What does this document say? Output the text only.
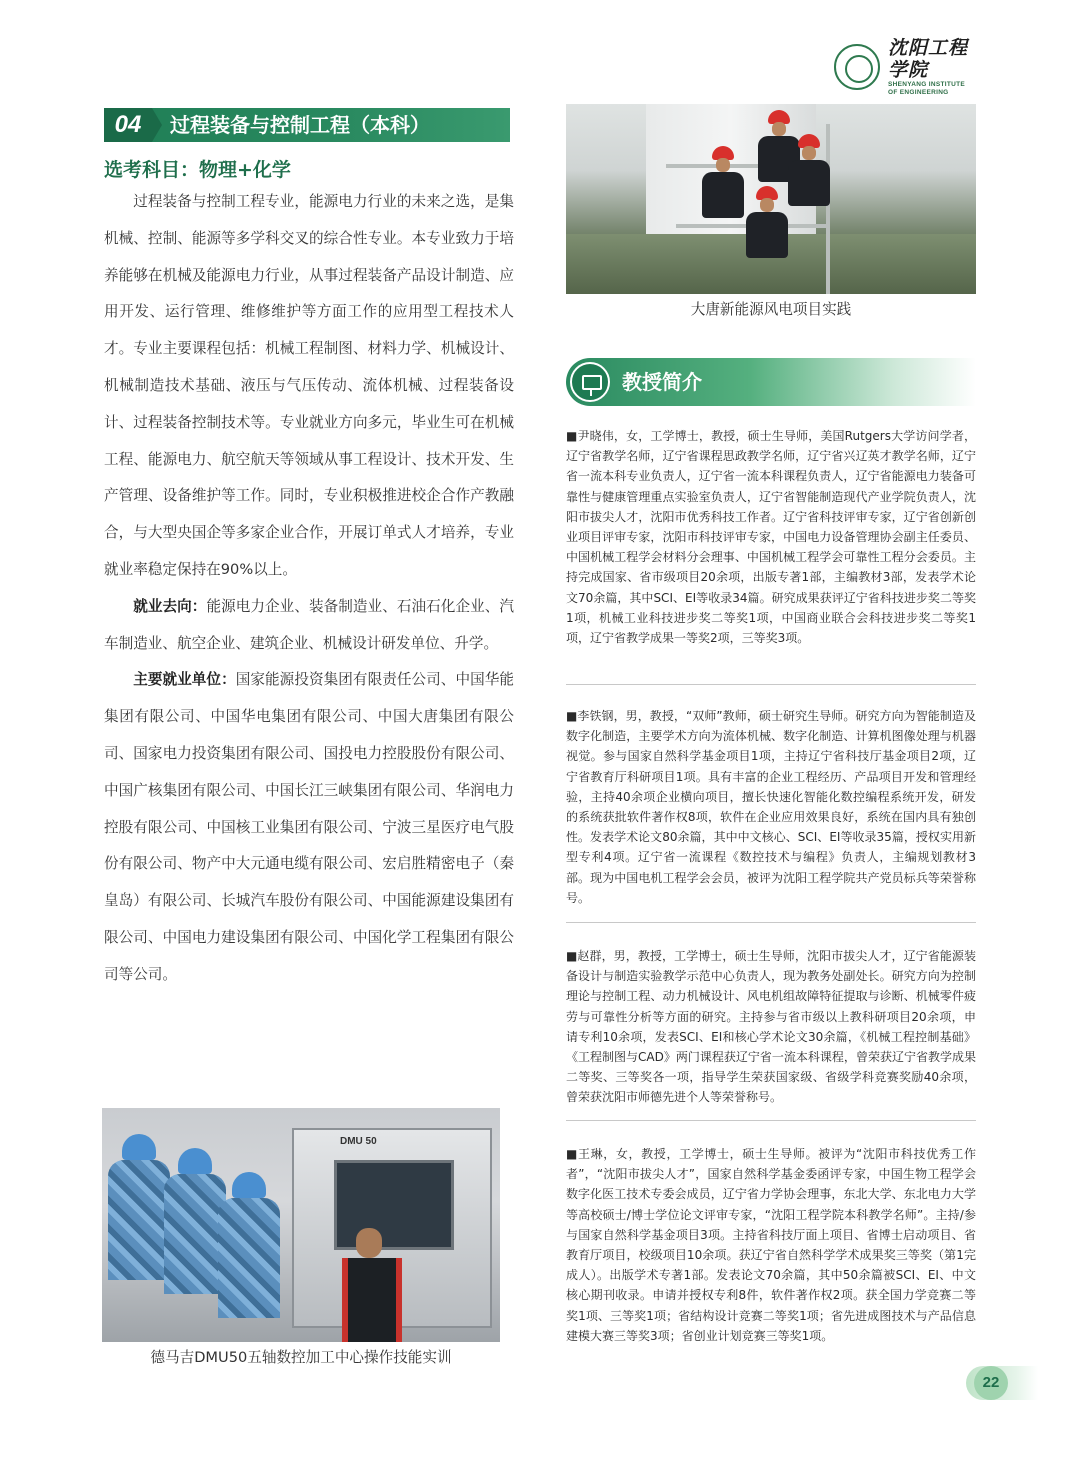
沈阳工程学院
SHENYANG INSTITUTE
OF ENGINEERING
04	过程装备与控制工程（本科）
选考科目：物理+化学

过程装备与控制工程专业，能源电力行业的未来之选，是集机械、控制、能源等多学科交叉的综合性专业。本专业致力于培养能够在机械及能源电力行业，从事过程装备产品设计制造、应用开发、运行管理、维修维护等方面工作的应用型工程技术人才。专业主要课程包括：机械工程制图、材料力学、机械设计、机械制造技术基础、液压与气压传动、流体机械、过程装备设计、过程装备控制技术等。专业就业方向多元，毕业生可在机械工程、能源电力、航空航天等领域从事工程设计、技术开发、生产管理、设备维护等工作。同时，专业积极推进校企合作产教融合，与大型央国企等多家企业合作，开展订单式人才培养，专业就业率稳定保持在90%以上。

就业去向：能源电力企业、装备制造业、石油石化企业、汽车制造业、航空企业、建筑企业、机械设计研发单位、升学。

主要就业单位：国家能源投资集团有限责任公司、中国华能集团有限公司、中国华电集团有限公司、中国大唐集团有限公司、国家电力投资集团有限公司、国投电力控股股份有限公司、中国广核集团有限公司、中国长江三峡集团有限公司、华润电力控股有限公司、中国核工业集团有限公司、宁波三星医疗电气股份有限公司、物产中大元通电缆有限公司、宏启胜精密电子（秦皇岛）有限公司、长城汽车股份有限公司、中国能源建设集团有限公司、中国电力建设集团有限公司、中国化学工程集团有限公司等公司。

大唐新能源风电项目实践
教授简介
■尹晓伟，女，工学博士，教授，硕士生导师，美国Rutgers大学访问学者，辽宁省教学名师，辽宁省课程思政教学名师，辽宁省兴辽英才教学名师，辽宁省一流本科专业负责人，辽宁省一流本科课程负责人，辽宁省能源电力装备可靠性与健康管理重点实验室负责人，辽宁省智能制造现代产业学院负责人，沈阳市拔尖人才，沈阳市优秀科技工作者。辽宁省科技评审专家，辽宁省创新创业项目评审专家，沈阳市科技评审专家，中国电力设备管理协会副主任委员、中国机械工程学会材料分会理事、中国机械工程学会可靠性工程分会委员。主持完成国家、省市级项目20余项，出版专著1部，主编教材3部，发表学术论文70余篇，其中SCI、EI等收录34篇。研究成果获评辽宁省科技进步奖二等奖1项，机械工业科技进步奖二等奖1项，中国商业联合会科技进步奖二等奖1项，辽宁省教学成果一等奖2项，三等奖3项。
■李铁钢，男，教授，“双师”教师，硕士研究生导师。研究方向为智能制造及数字化制造，主要学术方向为流体机械、数字化制造、计算机图像处理与机器视觉。参与国家自然科学基金项目1项，主持辽宁省科技厅基金项目2项，辽宁省教育厅科研项目1项。具有丰富的企业工程经历、产品项目开发和管理经验，主持40余项企业横向项目，擅长快速化智能化数控编程系统开发，研发的系统获批软件著作权8项，软件在企业应用效果良好，系统在国内具有独创性。发表学术论文80余篇，其中中文核心、SCI、EI等收录35篇，授权实用新型专利4项。辽宁省一流课程《数控技术与编程》负责人，主编规划教材3部。现为中国电机工程学会会员，被评为沈阳工程学院共产党员标兵等荣誉称号。
■赵群，男，教授，工学博士，硕士生导师，沈阳市拔尖人才，辽宁省能源装备设计与制造实验教学示范中心负责人，现为教务处副处长。研究方向为控制理论与控制工程、动力机械设计、风电机组故障特征提取与诊断、机械零件疲劳与可靠性分析等方面的研究。主持参与省市级以上教科研项目20余项，申请专利10余项，发表SCI、EI和核心学术论文30余篇，《机械工程控制基础》《工程制图与CAD》两门课程获辽宁省一流本科课程，曾荣获辽宁省教学成果二等奖、三等奖各一项，指导学生荣获国家级、省级学科竞赛奖励40余项，曾荣获沈阳市师德先进个人等荣誉称号。
■王琳，女，教授，工学博士，硕士生导师。被评为“沈阳市科技优秀工作者”，“沈阳市拔尖人才”，国家自然科学基金委函评专家，中国生物工程学会数字化医工技术专委会成员，辽宁省力学协会理事，东北大学、东北电力大学等高校硕士/博士学位论文评审专家，“沈阳工程学院本科教学名师”。主持/参与国家自然科学基金项目3项。主持省科技厅面上项目、省博士启动项目、省教育厅项目，校级项目10余项。获辽宁省自然科学学术成果奖三等奖（第1完成人）。出版学术专著1部。发表论文70余篇，其中50余篇被SCI、EI、中文核心期刊收录。申请并授权专利8件，软件著作权2项。获全国力学竞赛二等奖1项、三等奖1项；省结构设计竞赛二等奖1项；省先进成图技术与产品信息建模大赛三等奖3项；省创业计划竞赛三等奖1项。
DMU 50
德马吉DMU50五轴数控加工中心操作技能实训
22
